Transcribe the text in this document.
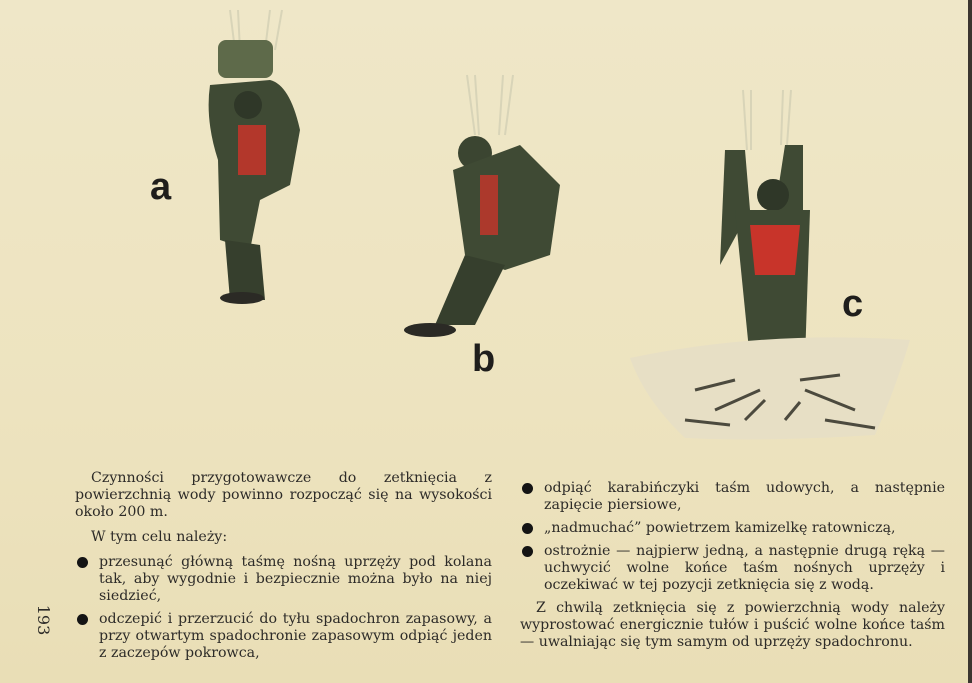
a
b
c

Czynności przygotowawcze do zetknięcia z powierzchnią wody powinno rozpocząć się na wysokości około 200 m.

W tym celu należy:

przesunąć główną taśmę nośną uprzęży pod kolana tak, aby wygodnie i bezpiecznie można było na niej siedzieć,
odczepić i przerzucić do tyłu spadochron zapasowy, a przy otwartym spadochronie zapasowym odpiąć jeden z zaczepów pokrowca,
odpiąć karabińczyki taśm udowych, a następnie zapięcie piersiowe,
„nadmuchać” powietrzem kamizelkę ratowniczą,
ostrożnie — najpierw jedną, a następnie drugą ręką — uchwycić wolne końce taśm nośnych uprzęży i oczekiwać w tej pozycji zetknięcia się z wodą.

Z chwilą zetknięcia się z powierzchnią wody należy wyprostować energicznie tułów i puścić wolne końce taśm — uwalniając się tym samym od uprzęży spadochronu.

193
